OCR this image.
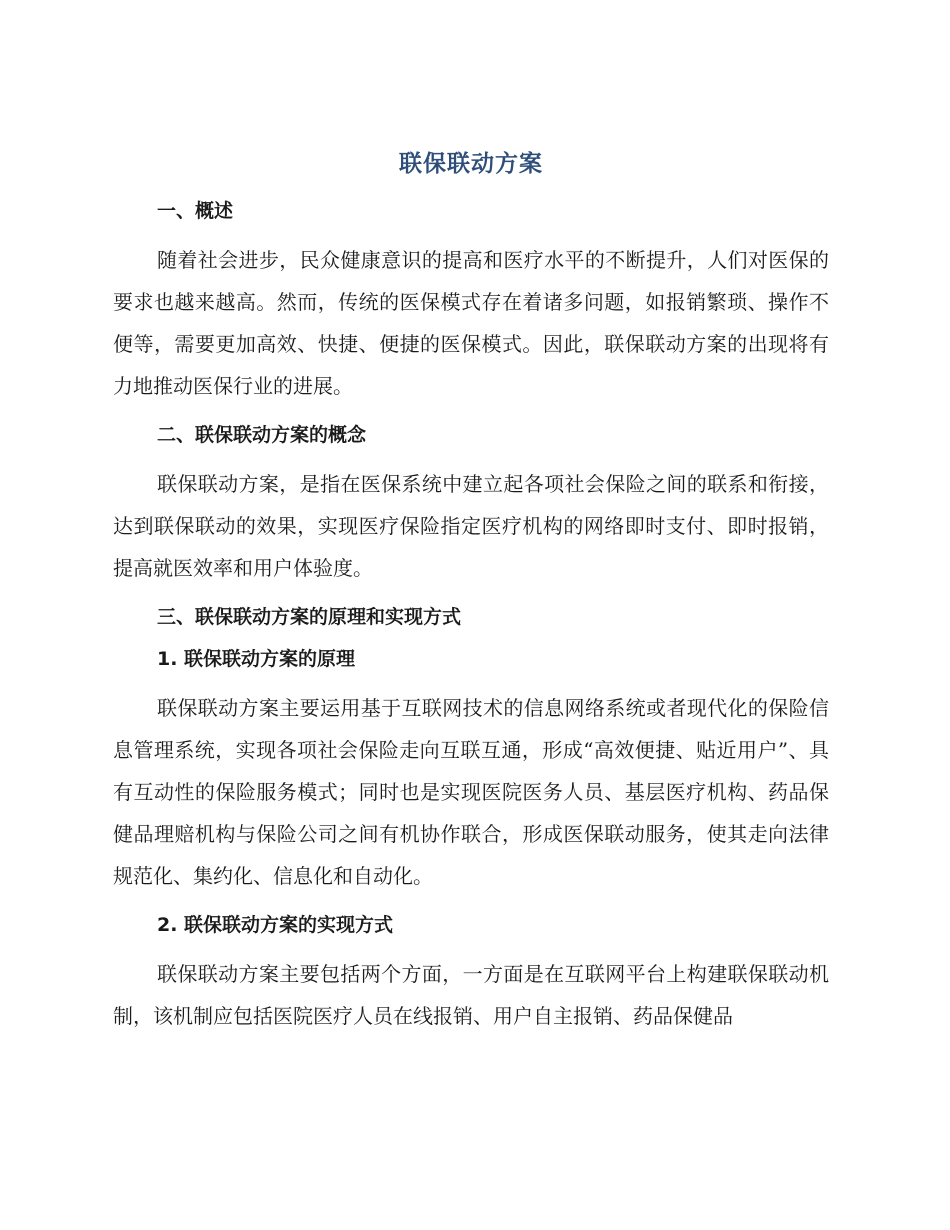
联保联动方案
一、概述
随着社会进步，民众健康意识的提高和医疗水平的不断提升，人们对医保的要求也越来越高。然而，传统的医保模式存在着诸多问题，如报销繁琐、操作不便等，需要更加高效、快捷、便捷的医保模式。因此，联保联动方案的出现将有力地推动医保行业的进展。
二、联保联动方案的概念
联保联动方案，是指在医保系统中建立起各项社会保险之间的联系和衔接，达到联保联动的效果，实现医疗保险指定医疗机构的网络即时支付、即时报销，提高就医效率和用户体验度。
三、联保联动方案的原理和实现方式
1. 联保联动方案的原理
联保联动方案主要运用基于互联网技术的信息网络系统或者现代化的保险信息管理系统，实现各项社会保险走向互联互通，形成“高效便捷、贴近用户”、具有互动性的保险服务模式；同时也是实现医院医务人员、基层医疗机构、药品保健品理赔机构与保险公司之间有机协作联合，形成医保联动服务，使其走向法律规范化、集约化、信息化和自动化。
2. 联保联动方案的实现方式
联保联动方案主要包括两个方面，一方面是在互联网平台上构建联保联动机制，该机制应包括医院医疗人员在线报销、用户自主报销、药品保健品
